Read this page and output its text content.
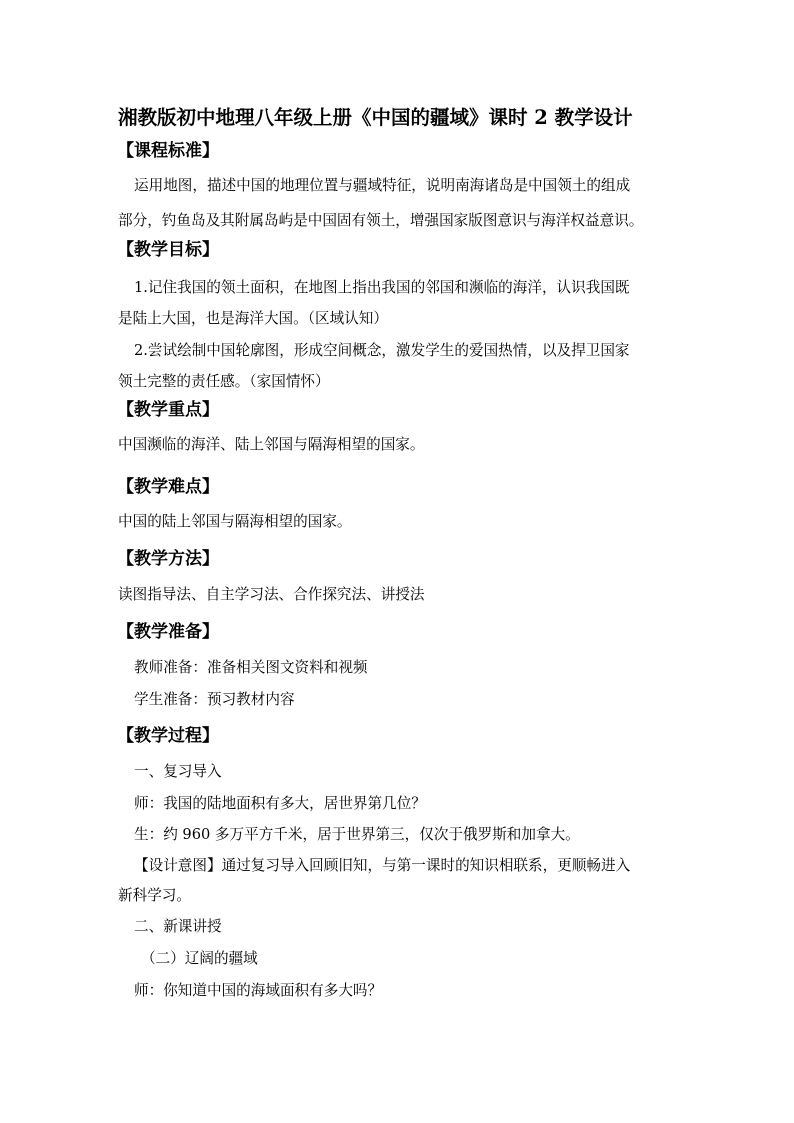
湘教版初中地理八年级上册《中国的疆域》课时 2 教学设计
【课程标准】
运用地图，描述中国的地理位置与疆域特征，说明南海诸岛是中国领土的组成
部分，钓鱼岛及其附属岛屿是中国固有领土，增强国家版图意识与海洋权益意识。
【教学目标】
1.记住我国的领土面积，在地图上指出我国的邻国和濒临的海洋，认识我国既
是陆上大国，也是海洋大国。（区域认知）
2.尝试绘制中国轮廓图，形成空间概念，激发学生的爱国热情，以及捍卫国家
领土完整的责任感。（家国情怀）
【教学重点】
中国濒临的海洋、陆上邻国与隔海相望的国家。
【教学难点】
中国的陆上邻国与隔海相望的国家。
【教学方法】
读图指导法、自主学习法、合作探究法、讲授法
【教学准备】
教师准备：准备相关图文资料和视频
学生准备：预习教材内容
【教学过程】
一、复习导入
师：我国的陆地面积有多大，居世界第几位？
生：约 960 多万平方千米，居于世界第三，仅次于俄罗斯和加拿大。
【设计意图】通过复习导入回顾旧知，与第一课时的知识相联系，更顺畅进入
新科学习。
二、新课讲授
（二）辽阔的疆域
师：你知道中国的海域面积有多大吗？
